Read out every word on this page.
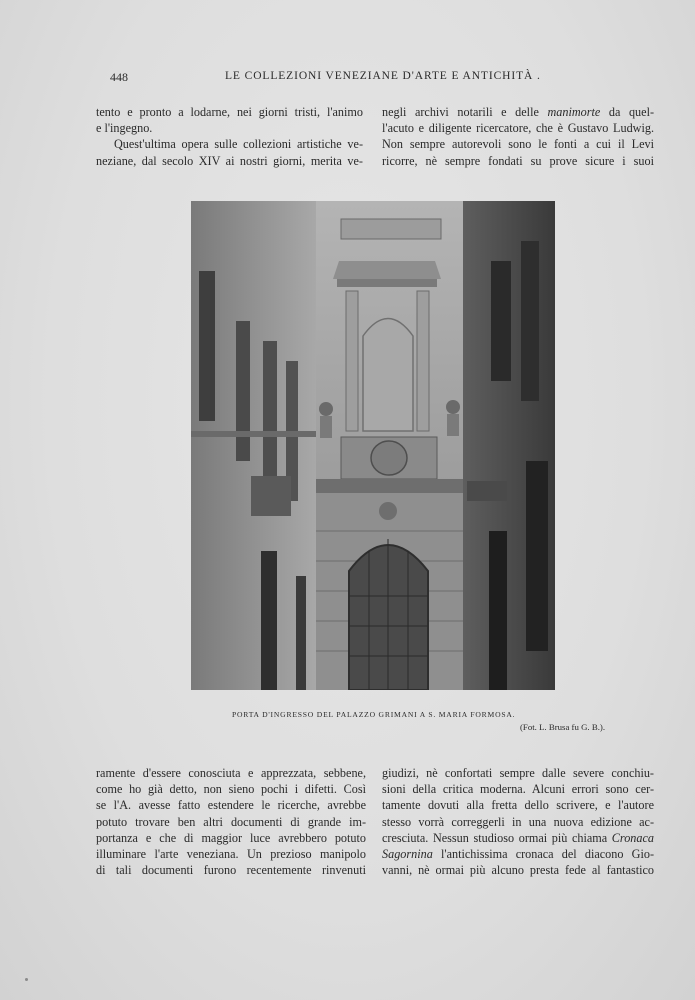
448	LE COLLEZIONI VENEZIANE D'ARTE E ANTICHITÀ .
tento e pronto a lodarne, nei giorni tristi, l'animo
e l'ingegno.
Quest'ultima opera sulle collezioni artistiche ve-
neziane, dal secolo XIV ai nostri giorni, merita ve-
negli archivi notarili e delle manimorte da quel-
l'acuto e diligente ricercatore, che è Gustavo Ludwig.
Non sempre autorevoli sono le fonti a cui il Levi
ricorre, nè sempre fondati su prove sicure i suoi
PORTA D'INGRESSO DEL PALAZZO GRIMANI A S. MARIA FORMOSA.
(Fot. L. Brusa fu G. B.).
ramente d'essere conosciuta e apprezzata, sebbene,
come ho già detto, non sieno pochi i difetti. Così
se l'A. avesse fatto estendere le ricerche, avrebbe
potuto trovare ben altri documenti di grande im-
portanza e che di maggior luce avrebbero potuto
illuminare l'arte veneziana. Un prezioso manipolo
di tali documenti furono recentemente rinvenuti
giudizi, nè confortati sempre dalle severe conchiu-
sioni della critica moderna. Alcuni errori sono cer-
tamente dovuti alla fretta dello scrivere, e l'autore
stesso vorrà correggerli in una nuova edizione ac-
cresciuta. Nessun studioso ormai più chiama Cronaca
Sagornina l'antichissima cronaca del diacono Gio-
vanni, nè ormai più alcuno presta fede al fantastico
